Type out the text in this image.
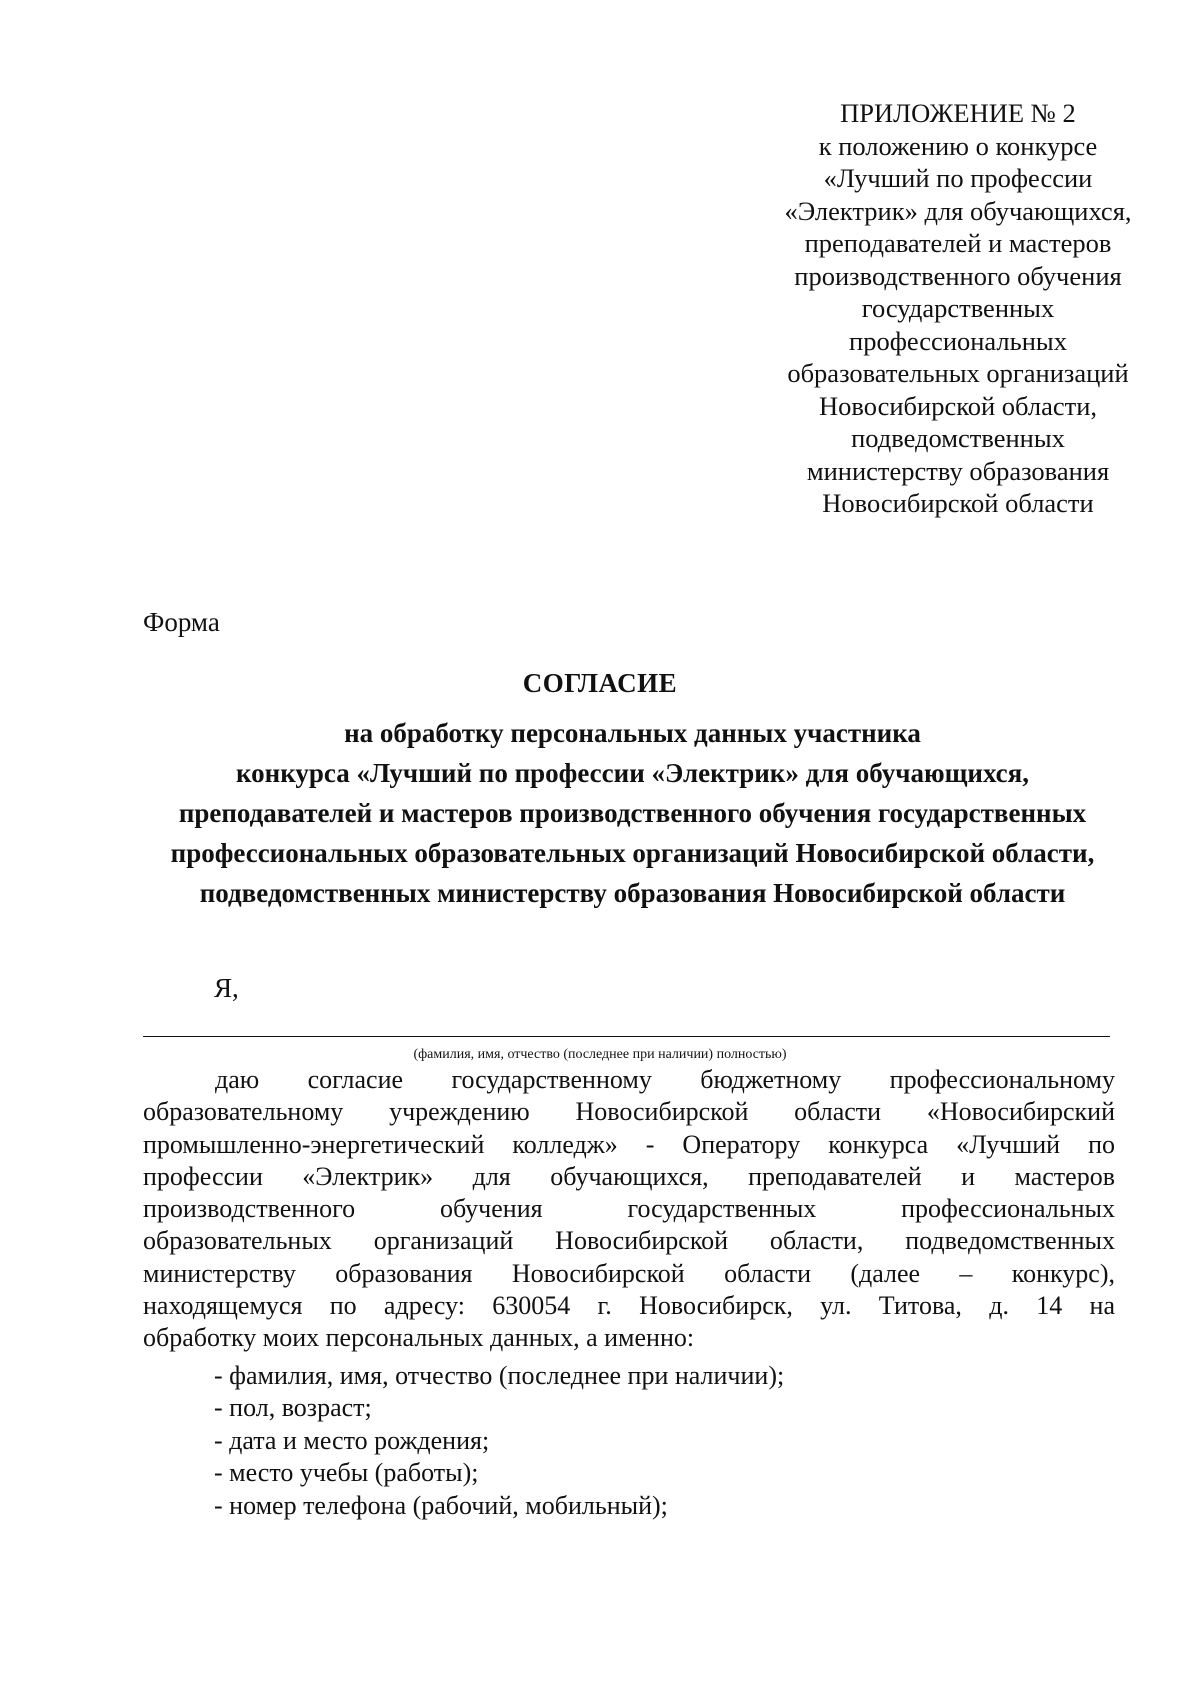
ПРИЛОЖЕНИЕ № 2
к положению о конкурсе
«Лучший по профессии
«Электрик» для обучающихся,
преподавателей и мастеров
производственного обучения
государственных
профессиональных
образовательных организаций
Новосибирской области,
подведомственных
министерству образования
Новосибирской области
Форма
СОГЛАСИЕ
на обработку персональных данных участника
конкурса «Лучший по профессии «Электрик» для обучающихся,
преподавателей и мастеров производственного обучения государственных
профессиональных образовательных организаций Новосибирской области,
подведомственных министерству образования Новосибирской области
Я,
(фамилия, имя, отчество (последнее при наличии) полностью)
даю согласие государственному бюджетному профессиональному
образовательному учреждению Новосибирской области «Новосибирский
промышленно-энергетический колледж» - Оператору конкурса «Лучший по
профессии «Электрик» для обучающихся, преподавателей и мастеров
производственного обучения государственных профессиональных
образовательных организаций Новосибирской области, подведомственных
министерству образования Новосибирской области (далее – конкурс),
находящемуся по адресу: 630054 г. Новосибирск, ул. Титова, д. 14 на
обработку моих персональных данных, а именно:
- фамилия, имя, отчество (последнее при наличии);
- пол, возраст;
- дата и место рождения;
- место учебы (работы);
- номер телефона (рабочий, мобильный);
